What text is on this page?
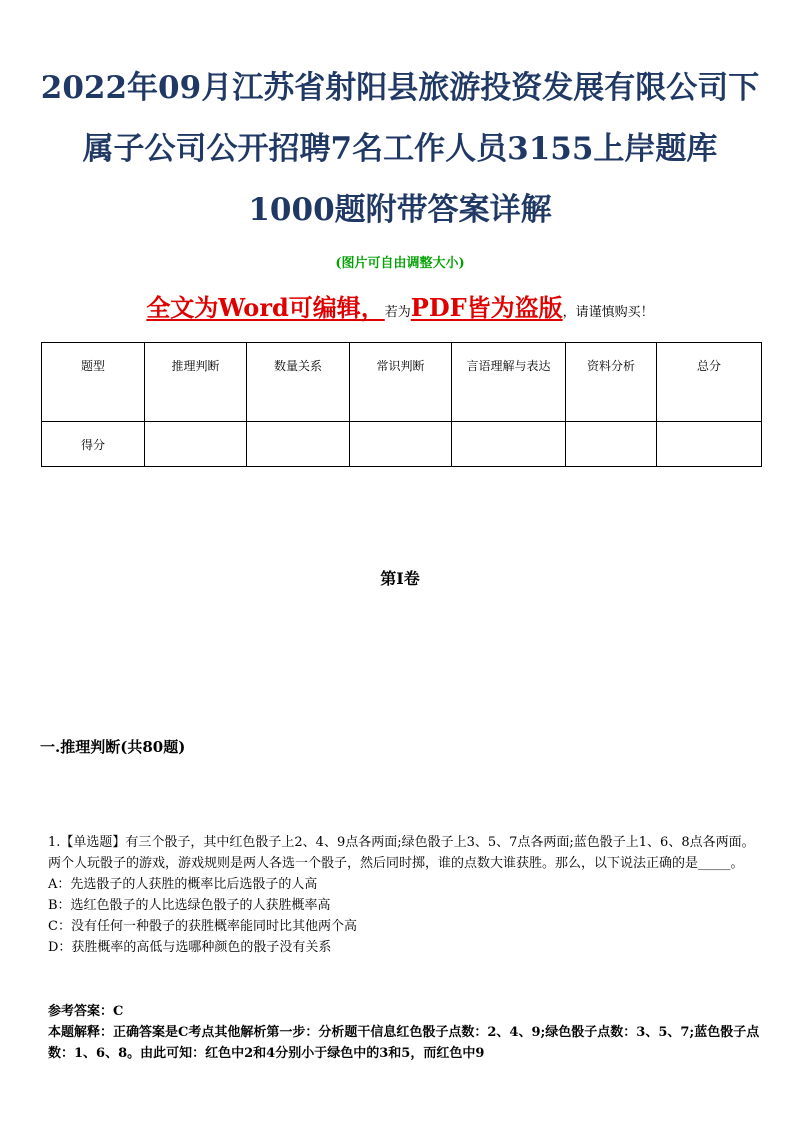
2022年09月江苏省射阳县旅游投资发展有限公司下属子公司公开招聘7名工作人员3155上岸题库1000题附带答案详解
(图片可自由调整大小)
全文为Word可编辑，若为PDF皆为盗版，请谨慎购买！
题型	推理判断	数量关系	常识判断	言语理解与表达	资料分析	总分
得分						
第I卷
一.推理判断(共80题)

1.【单选题】有三个骰子，其中红色骰子上2、4、9点各两面;绿色骰子上3、5、7点各两面;蓝色骰子上1、6、8点各两面。两个人玩骰子的游戏，游戏规则是两人各选一个骰子，然后同时掷，谁的点数大谁获胜。那么，以下说法正确的是_____。

A：先选骰子的人获胜的概率比后选骰子的人高

B：选红色骰子的人比选绿色骰子的人获胜概率高

C：没有任何一种骰子的获胜概率能同时比其他两个高

D：获胜概率的高低与选哪种颜色的骰子没有关系

参考答案：C

本题解释：正确答案是C考点其他解析第一步：分析题干信息红色骰子点数：2、4、9;绿色骰子点数：3、5、7;蓝色骰子点数：1、6、8。由此可知：红色中2和4分别小于绿色中的3和5，而红色中9
